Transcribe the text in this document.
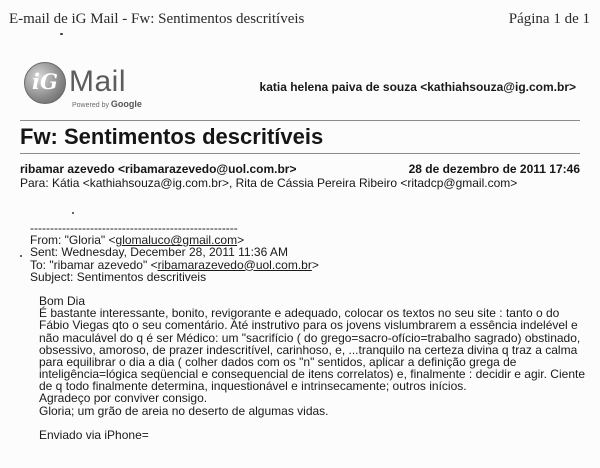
E-mail de iG Mail - Fw: Sentimentos descritíveis	Página 1 de 1
iG Mail
Powered by Google
katia helena paiva de souza <kathiahsouza@ig.com.br>
Fw: Sentimentos descritíveis
ribamar azevedo <ribamarazevedo@uol.com.br>	28 de dezembro de 2011 17:46
Para: Kátia <kathiahsouza@ig.com.br>, Rita de Cássia Pereira Ribeiro <ritadcp@gmail.com>
----------------------------------------------------
From: "Gloria" <glomaluco@gmail.com>
Sent: Wednesday, December 28, 2011 11:36 AM
To: "ribamar azevedo" <ribamarazevedo@uol.com.br>
Subject: Sentimentos descritiveis
Bom Dia
É bastante interessante, bonito, revigorante e adequado, colocar os textos no seu site : tanto o do
Fábio Viegas qto o seu comentário. Até instrutivo para os jovens vislumbrarem a essência indelével e
não maculável do q é ser Médico: um "sacrifício ( do grego=sacro-ofício=trabalho sagrado) obstinado,
obsessivo, amoroso, de prazer indescritível, carinhoso, e, ...tranquilo na certeza divina q traz a calma
para equilibrar o dia a dia ( colher dados com os "n" sentidos, aplicar a definição grega de
inteligência=lógica seqüencial e consequencial de itens correlatos) e, finalmente : decidir e agir. Ciente
de q todo finalmente determina, inquestionável e intrinsecamente; outros inícios.
Agradeço por conviver consigo.
Gloria; um grão de areia no deserto de algumas vidas.
Enviado via iPhone=
